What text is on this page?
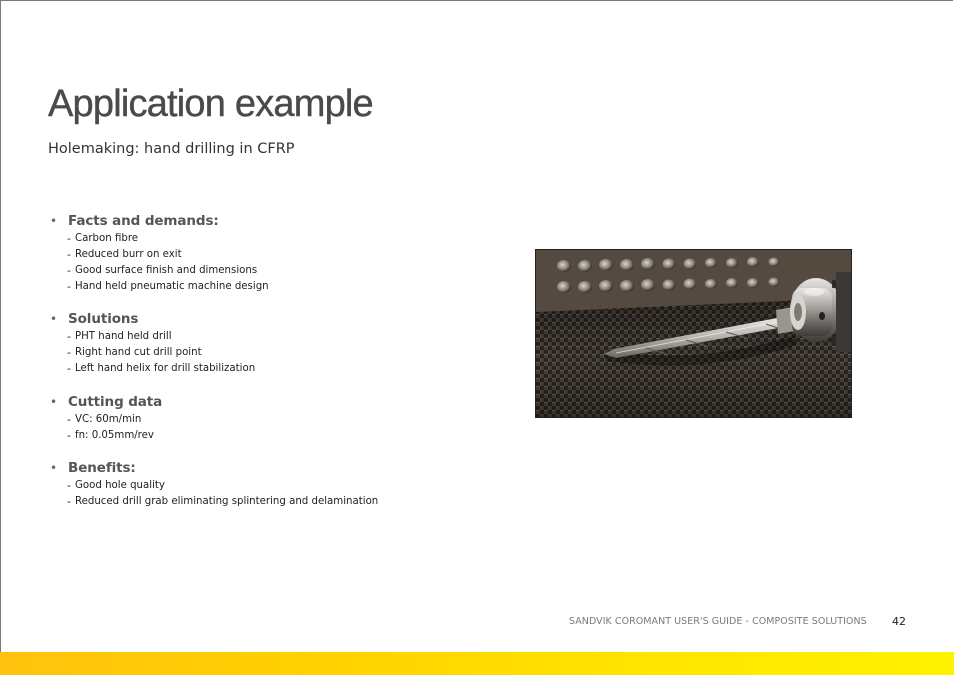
Application example
Holemaking: hand drilling in CFRP
• Facts and demands:
- Carbon fibre
- Reduced burr on exit
- Good surface finish and dimensions
- Hand held pneumatic machine design
• Solutions
- PHT hand held drill
- Right hand cut drill point
- Left hand helix for drill stabilization
• Cutting data
- VC: 60m/min
- fn: 0.05mm/rev
• Benefits:
- Good hole quality
- Reduced drill grab eliminating splintering and delamination
SANDVIK COROMANT USER'S GUIDE - COMPOSITE SOLUTIONS 42
